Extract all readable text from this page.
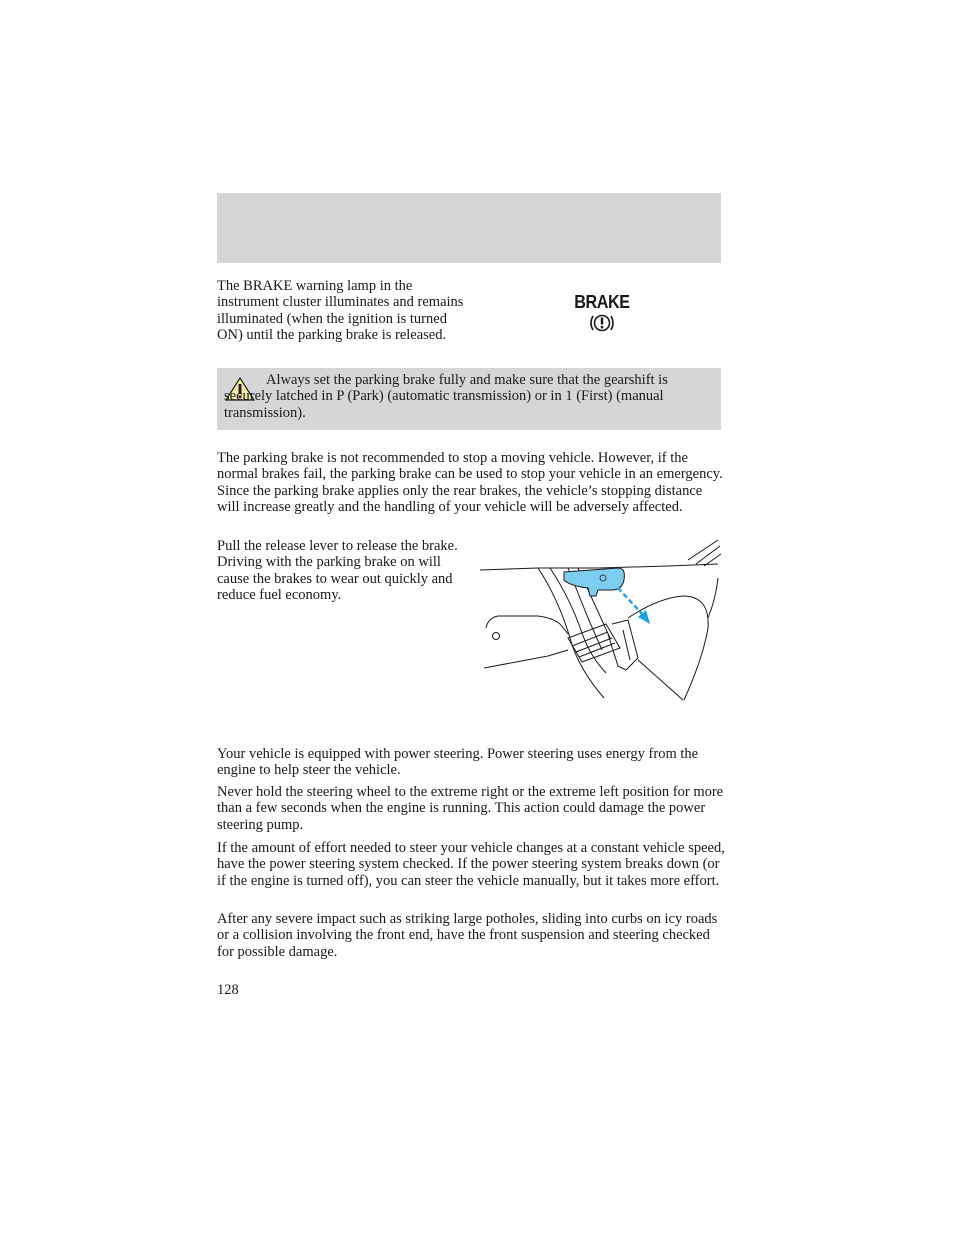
The BRAKE warning lamp in the instrument cluster illuminates and remains illuminated (when the ignition is turned ON) until the parking brake is released.

BRAKE

Always set the parking brake fully and make sure that the gearshift is securely latched in P (Park) (automatic transmission) or in 1 (First) (manual transmission).

The parking brake is not recommended to stop a moving vehicle. However, if the normal brakes fail, the parking brake can be used to stop your vehicle in an emergency. Since the parking brake applies only the rear brakes, the vehicle’s stopping distance will increase greatly and the handling of your vehicle will be adversely affected.

Pull the release lever to release the brake. Driving with the parking brake on will cause the brakes to wear out quickly and reduce fuel economy.

Your vehicle is equipped with power steering. Power steering uses energy from the engine to help steer the vehicle.

Never hold the steering wheel to the extreme right or the extreme left position for more than a few seconds when the engine is running. This action could damage the power steering pump.

If the amount of effort needed to steer your vehicle changes at a constant vehicle speed, have the power steering system checked. If the power steering system breaks down (or if the engine is turned off), you can steer the vehicle manually, but it takes more effort.

After any severe impact such as striking large potholes, sliding into curbs on icy roads or a collision involving the front end, have the front suspension and steering checked for possible damage.

128
